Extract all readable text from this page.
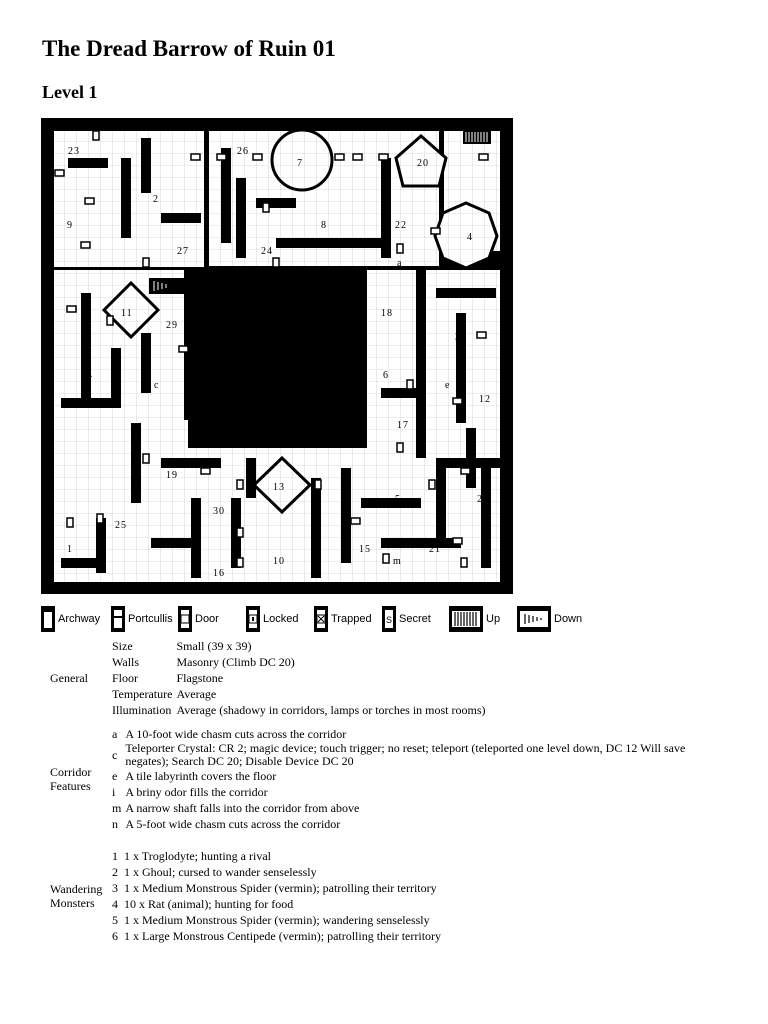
The Dread Barrow of Ruin 01
Level 1
23	26
7	20
2
8	22
4
9
27	24
a
11
29
18
3
14
c
6
e
12
17
19
i	13
28
30
5
25
1	15
m
21
10
16
n
Archway	Portcullis Door	Locked	Trapped S Secret	Up	Down
General	Size	Small (39 x 39)
	Walls	Masonry (Climb DC 20)
	Floor	Flagstone
	Temperature	Average
	Illumination	Average (shadowy in corridors, lamps or torches in most rooms)
Corridor Features	a	A 10-foot wide chasm cuts across the corridor
	c	Teleporter Crystal: CR 2; magic device; touch trigger; no reset; teleport (teleported one level down, DC 12 Will save negates); Search DC 20; Disable Device DC 20
	e	A tile labyrinth covers the floor
	i	A briny odor fills the corridor
	m	A narrow shaft falls into the corridor from above
	n	A 5-foot wide chasm cuts across the corridor
Wandering Monsters	1	1 x Troglodyte; hunting a rival
	2	1 x Ghoul; cursed to wander senselessly
	3	1 x Medium Monstrous Spider (vermin); patrolling their territory
	4	10 x Rat (animal); hunting for food
	5	1 x Medium Monstrous Spider (vermin); wandering senselessly
	6	1 x Large Monstrous Centipede (vermin); patrolling their territory
